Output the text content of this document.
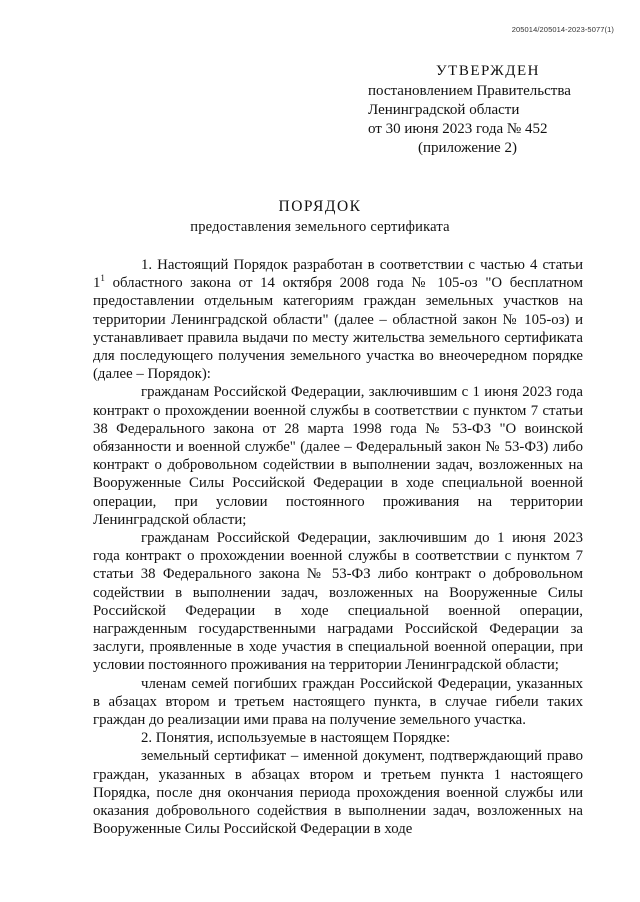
205014/205014-2023-5077(1)
УТВЕРЖДЕН
постановлением Правительства
Ленинградской области
от 30 июня 2023 года № 452
(приложение 2)
ПОРЯДОК
предоставления земельного сертификата

1. Настоящий Порядок разработан в соответствии с частью 4 статьи $1^1$ областного закона от 14 октября 2008 года № 105-оз "О бесплатном предоставлении отдельным категориям граждан земельных участков на территории Ленинградской области" (далее – областной закон № 105-оз) и устанавливает правила выдачи по месту жительства земельного сертификата для последующего получения земельного участка во внеочередном порядке (далее – Порядок):

гражданам Российской Федерации, заключившим с 1 июня 2023 года контракт о прохождении военной службы в соответствии с пунктом 7 статьи 38 Федерального закона от 28 марта 1998 года № 53-ФЗ "О воинской обязанности и военной службе" (далее – Федеральный закон № 53-ФЗ) либо контракт о добровольном содействии в выполнении задач, возложенных на Вооруженные Силы Российской Федерации в ходе специальной военной операции, при условии постоянного проживания на территории Ленинградской области;

гражданам Российской Федерации, заключившим до 1 июня 2023 года контракт о прохождении военной службы в соответствии с пунктом 7 статьи 38 Федерального закона № 53-ФЗ либо контракт о добровольном содействии в выполнении задач, возложенных на Вооруженные Силы Российской Федерации в ходе специальной военной операции, награжденным государственными наградами Российской Федерации за заслуги, проявленные в ходе участия в специальной военной операции, при условии постоянного проживания на территории Ленинградской области;

членам семей погибших граждан Российской Федерации, указанных в абзацах втором и третьем настоящего пункта, в случае гибели таких граждан до реализации ими права на получение земельного участка.

2. Понятия, используемые в настоящем Порядке:

земельный сертификат – именной документ, подтверждающий право граждан, указанных в абзацах втором и третьем пункта 1 настоящего Порядка, после дня окончания периода прохождения военной службы или оказания добровольного содействия в выполнении задач, возложенных на Вооруженные Силы Российской Федерации в ходе
